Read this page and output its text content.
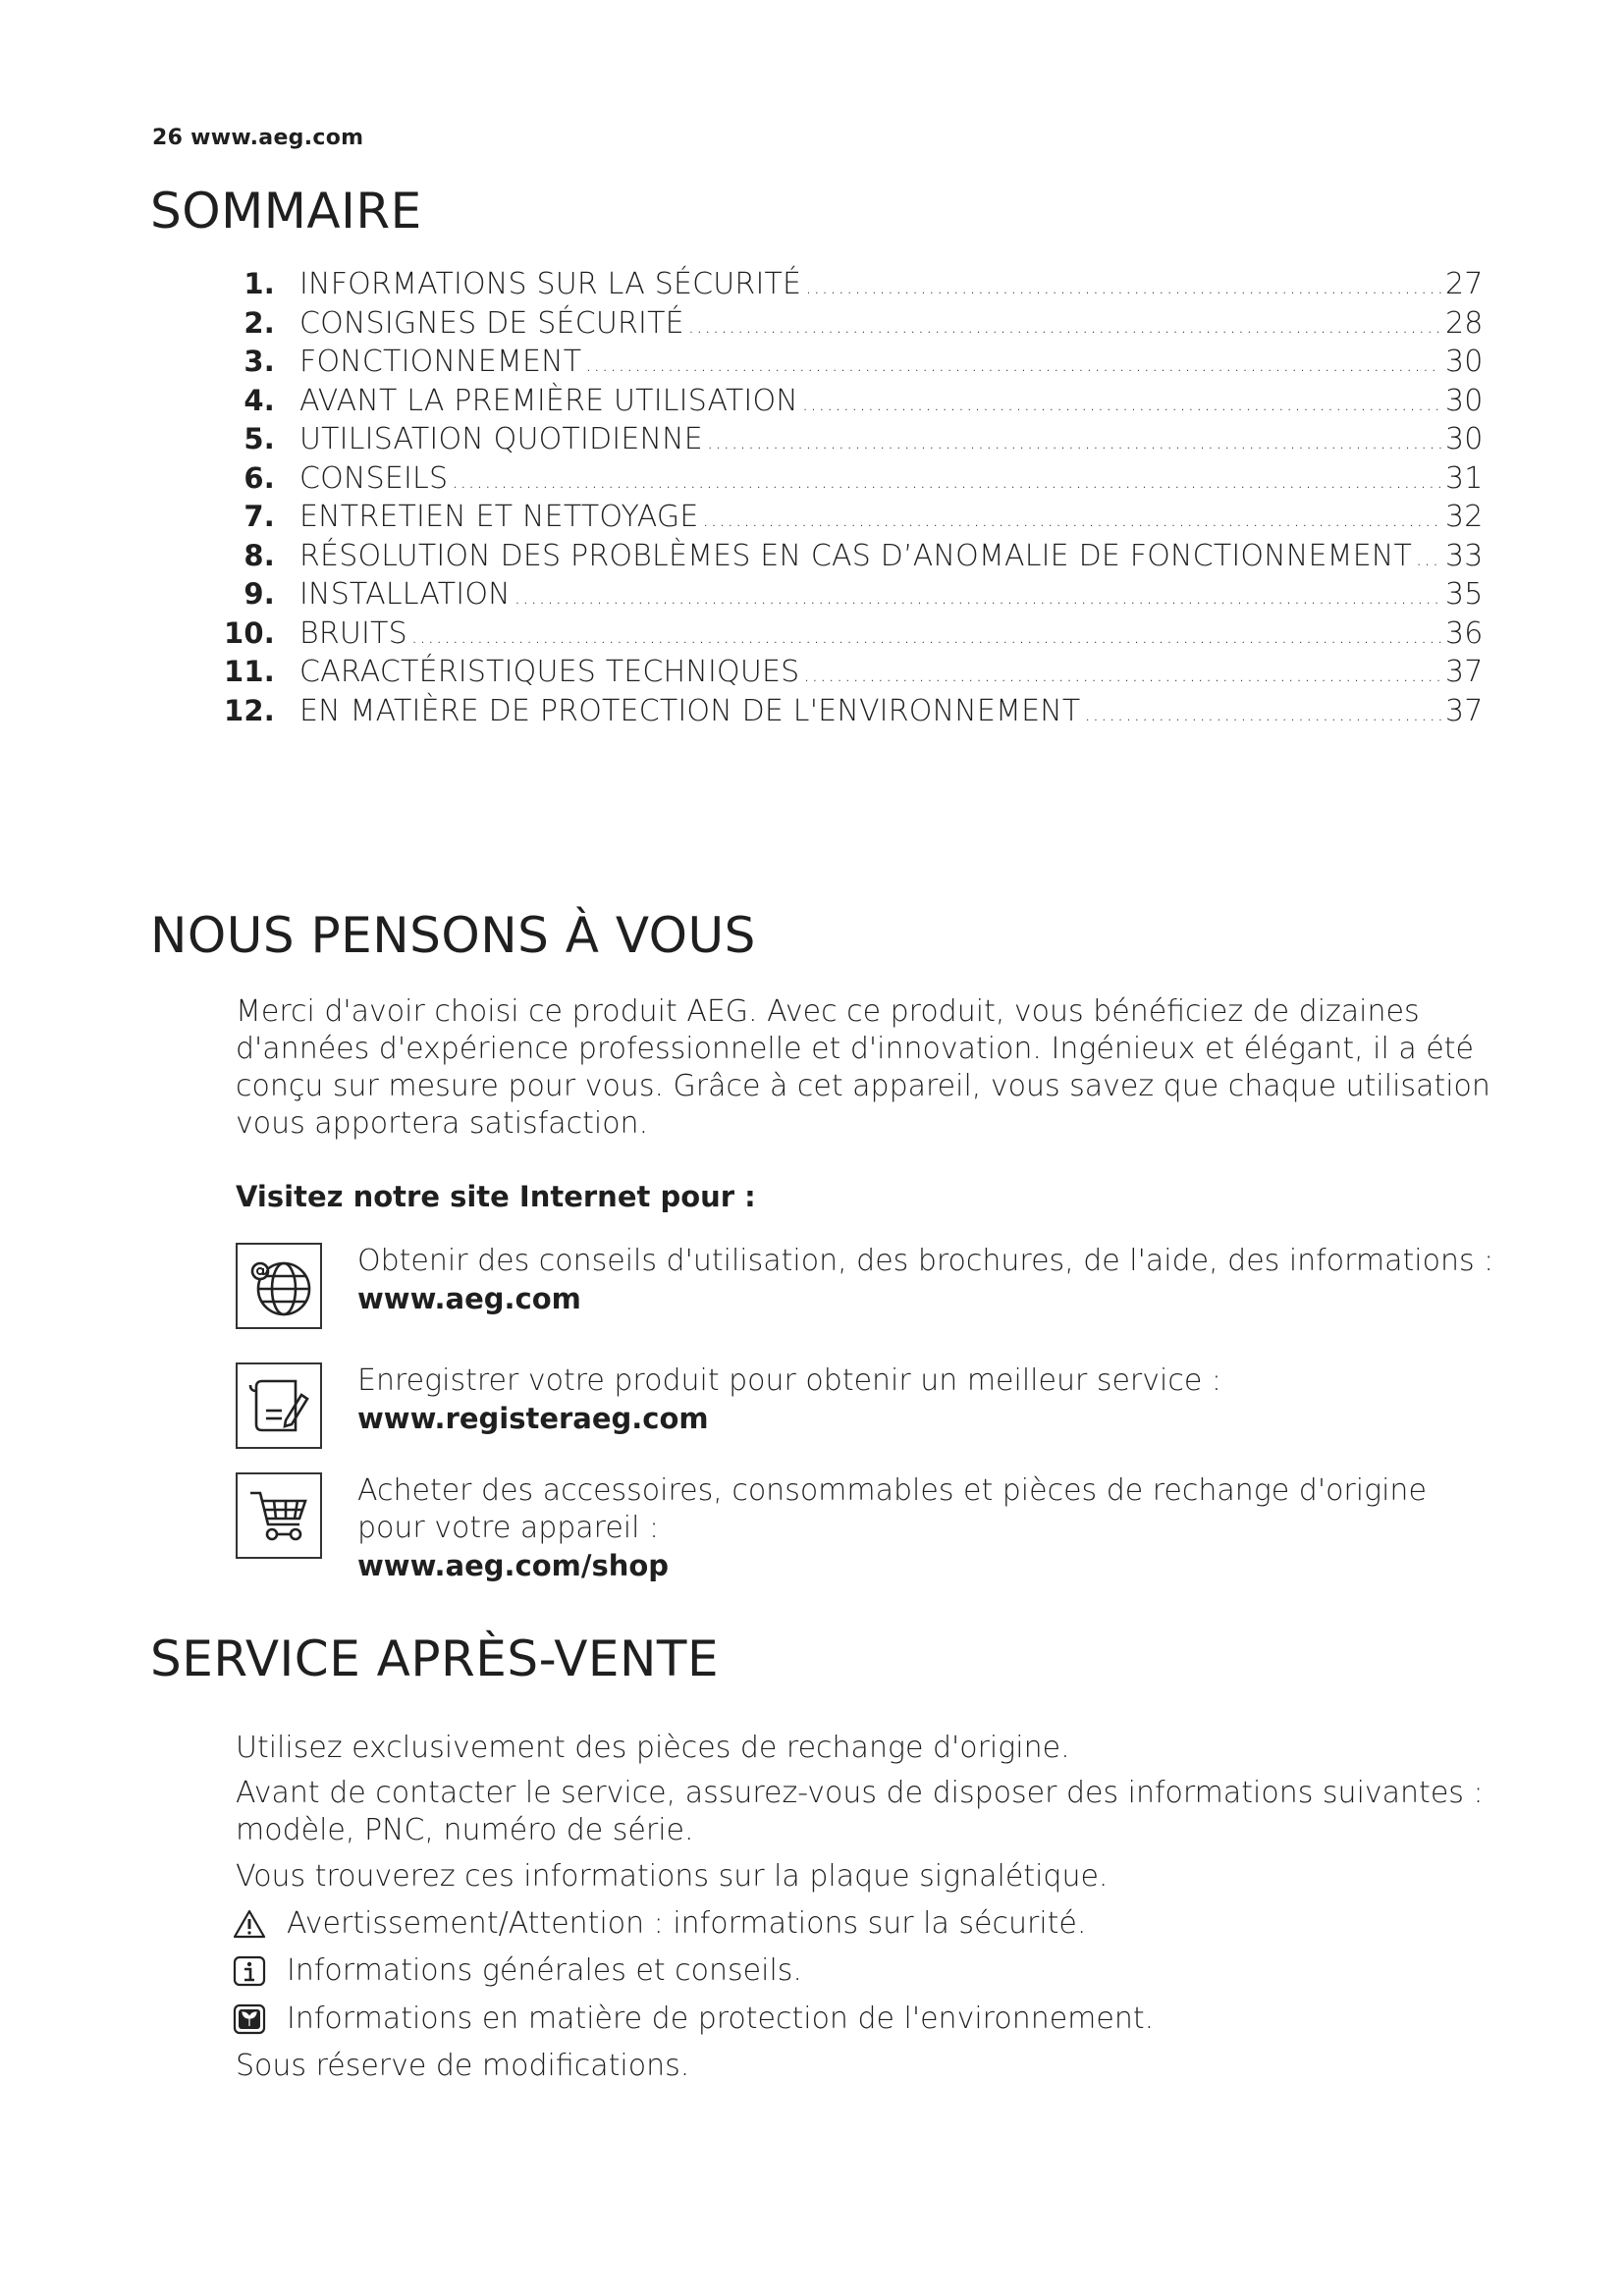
26 www.aeg.com
SOMMAIRE
1. INFORMATIONS SUR LA SÉCURITÉ .....	27
2. CONSIGNES DE SÉCURITÉ .....	28
3. FONCTIONNEMENT .....	30
4. AVANT LA PREMIÈRE UTILISATION .....	30
5. UTILISATION QUOTIDIENNE .....	30
6. CONSEILS .....	31
7. ENTRETIEN ET NETTOYAGE .....	32
8. RÉSOLUTION DES PROBLÈMES EN CAS D’ANOMALIE DE FONCTIONNEMENT ..... 33
9. INSTALLATION .....	35
10. BRUITS .....	36
11. CARACTÉRISTIQUES TECHNIQUES .....	37
12. EN MATIÈRE DE PROTECTION DE L'ENVIRONNEMENT .....	37
NOUS PENSONS À VOUS

Merci d'avoir choisi ce produit AEG. Avec ce produit, vous bénéficiez de dizaines d'années d'expérience professionnelle et d'innovation. Ingénieux et élégant, il a été conçu sur mesure pour vous. Grâce à cet appareil, vous savez que chaque utilisation vous apportera satisfaction.

Visitez notre site Internet pour :

Obtenir des conseils d'utilisation, des brochures, de l'aide, des informations :
www.aeg.com
Enregistrer votre produit pour obtenir un meilleur service :
www.registeraeg.com
Acheter des accessoires, consommables et pièces de rechange d'origine pour votre appareil :
www.aeg.com/shop
SERVICE APRÈS-VENTE
Utilisez exclusivement des pièces de rechange d'origine.
Avant de contacter le service, assurez-vous de disposer des informations suivantes : modèle, PNC, numéro de série.
Vous trouverez ces informations sur la plaque signalétique.
Avertissement/Attention : informations sur la sécurité.
Informations générales et conseils.
Informations en matière de protection de l'environnement.
Sous réserve de modifications.
